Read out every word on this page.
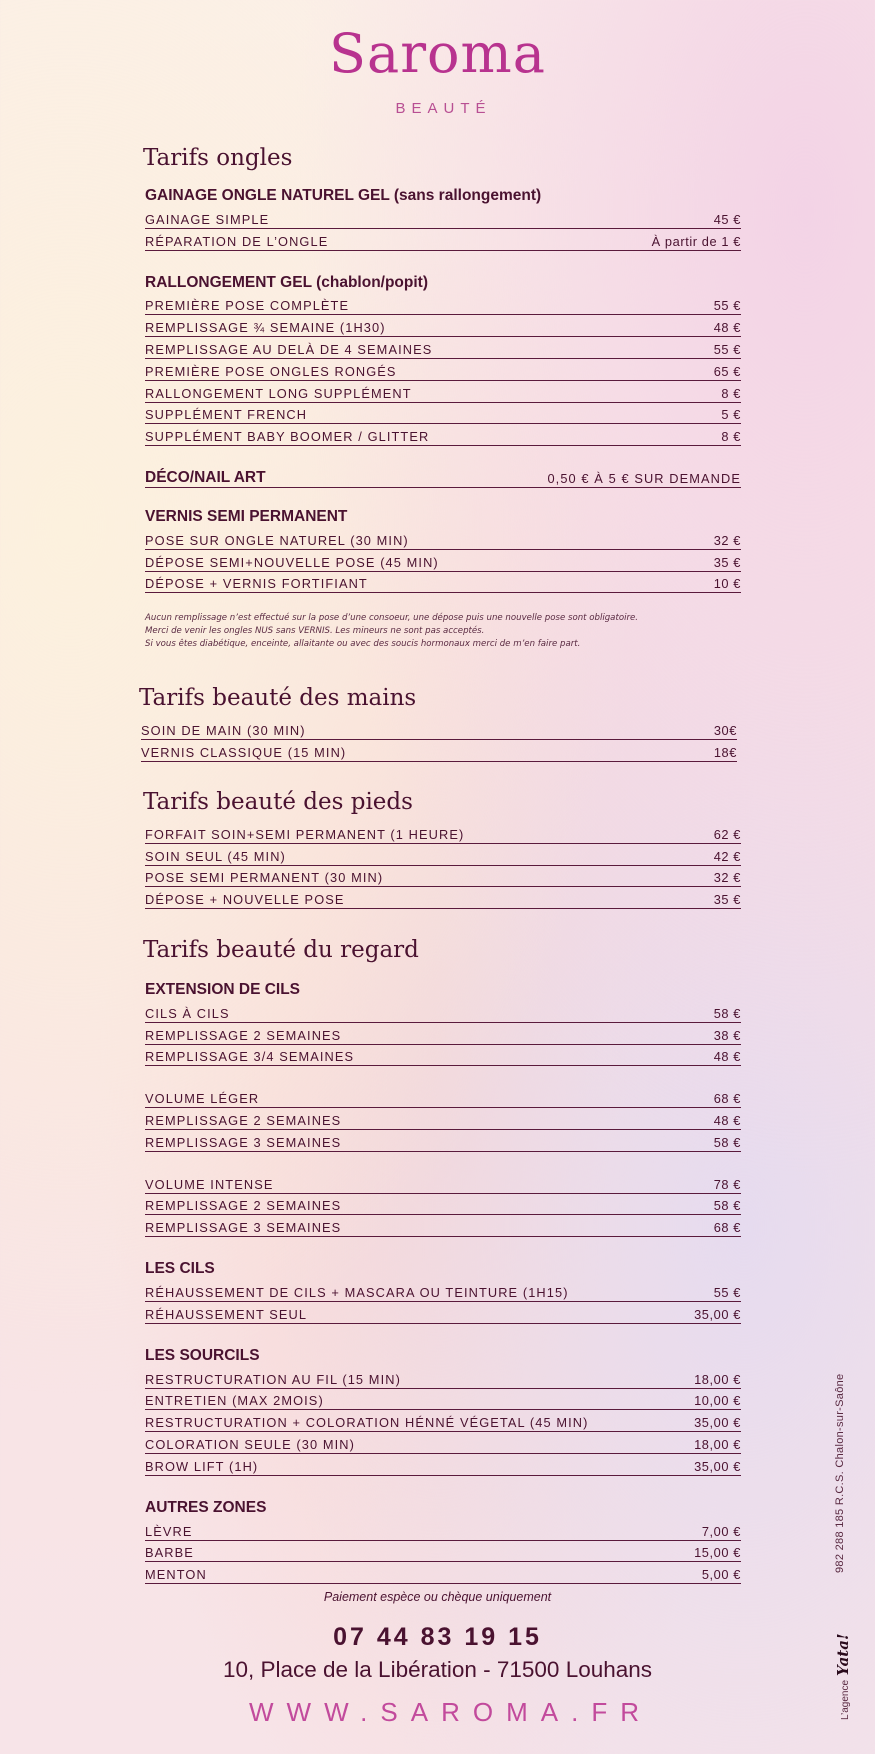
Saroma
BEAUTÉ
Tarifs ongles
GAINAGE ONGLE NATUREL GEL (sans rallongement)
GAINAGE SIMPLE	45 €
RÉPARATION DE L’ONGLE	À partir de 1 €
RALLONGEMENT GEL (chablon/popit)
PREMIÈRE POSE COMPLÈTE	55 €
REMPLISSAGE ¾ SEMAINE (1H30)	48 €
REMPLISSAGE AU DELÀ DE 4 SEMAINES	55 €
PREMIÈRE POSE ONGLES RONGÉS	65 €
RALLONGEMENT LONG SUPPLÉMENT	8 €
SUPPLÉMENT FRENCH	5 €
SUPPLÉMENT BABY BOOMER / GLITTER	8 €
DÉCO/NAIL ART	0,50 € À 5 € SUR DEMANDE
VERNIS SEMI PERMANENT
POSE SUR ONGLE NATUREL (30 MIN)	32 €
DÉPOSE SEMI+NOUVELLE POSE (45 MIN)	35 €
DÉPOSE + VERNIS FORTIFIANT	10 €
Aucun remplissage n’est effectué sur la pose d’une consoeur, une dépose puis une nouvelle pose sont obligatoire.
Merci de venir les ongles NUS sans VERNIS. Les mineurs ne sont pas acceptés.
Si vous êtes diabétique, enceinte, allaitante ou avec des soucis hormonaux merci de m’en faire part.
Tarifs beauté des mains
SOIN DE MAIN (30 MIN)	30€
VERNIS CLASSIQUE (15 MIN)	18€
Tarifs beauté des pieds
FORFAIT SOIN+SEMI PERMANENT (1 HEURE)	62 €
SOIN SEUL (45 MIN)	42 €
POSE SEMI PERMANENT (30 MIN)	32 €
DÉPOSE + NOUVELLE POSE	35 €
Tarifs beauté du regard
EXTENSION DE CILS
CILS À CILS	58 €
REMPLISSAGE 2 SEMAINES	38 €
REMPLISSAGE 3/4 SEMAINES	48 €
VOLUME LÉGER	68 €
REMPLISSAGE 2 SEMAINES	48 €
REMPLISSAGE 3 SEMAINES	58 €
VOLUME INTENSE	78 €
REMPLISSAGE 2 SEMAINES	58 €
REMPLISSAGE 3 SEMAINES	68 €
LES CILS
RÉHAUSSEMENT DE CILS + MASCARA OU TEINTURE (1H15)	55 €
RÉHAUSSEMENT SEUL	35,00 €
LES SOURCILS
RESTRUCTURATION AU FIL (15 MIN)	18,00 €
ENTRETIEN (MAX 2MOIS)	10,00 €
RESTRUCTURATION + COLORATION HÉNNÉ VÉGETAL (45 MIN)	35,00 €
COLORATION SEULE (30 MIN)	18,00 €
BROW LIFT (1H)	35,00 €
AUTRES ZONES
LÈVRE	7,00 €
BARBE	15,00 €
MENTON	5,00 €
Paiement espèce ou chèque uniquement
07 44 83 19 15
10, Place de la Libération - 71500 Louhans
WWW.SAROMA.FR
982 288 185 R.C.S. Chalon-sur-Saône
L’agenceYata!
